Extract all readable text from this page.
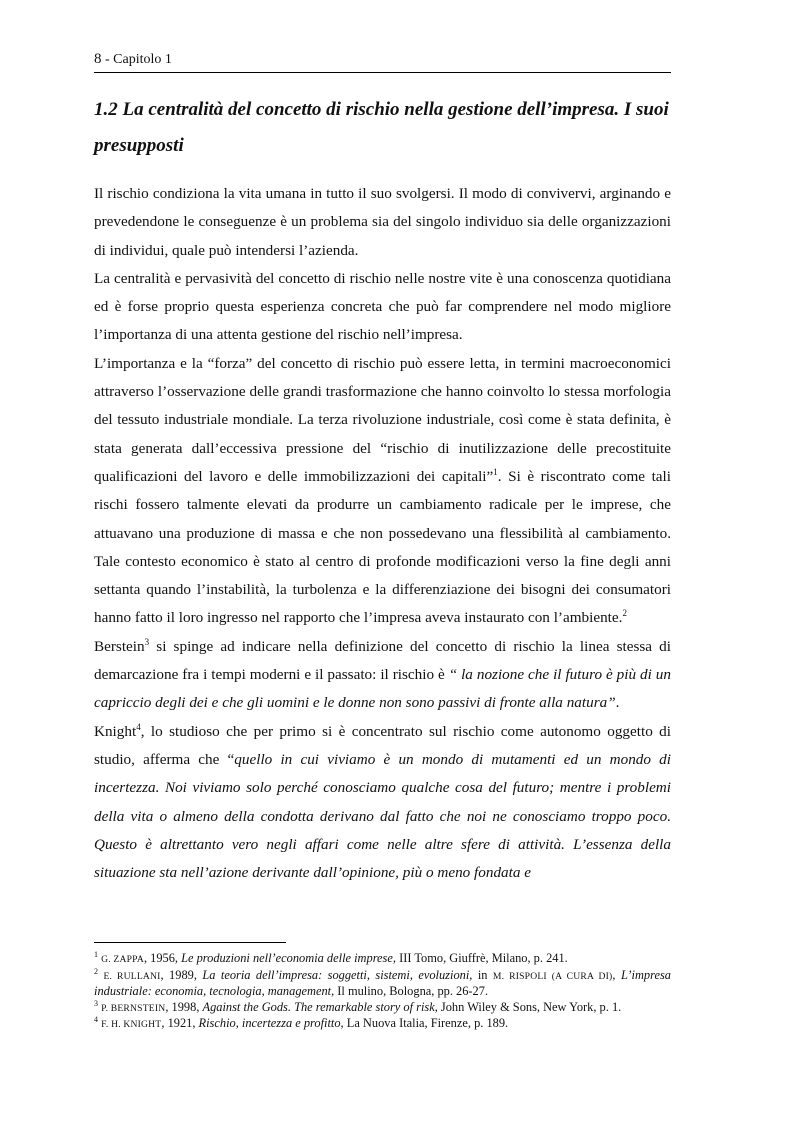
8 - Capitolo 1
1.2 La centralità del concetto di rischio nella gestione dell’impresa. I suoi presupposti

Il rischio condiziona la vita umana in tutto il suo svolgersi. Il modo di convivervi, arginando e prevedendone le conseguenze è un problema sia del singolo individuo sia delle organizzazioni di individui, quale può intendersi l’azienda.

La centralità e pervasività del concetto di rischio nelle nostre vite è una conoscenza quotidiana ed è forse proprio questa esperienza concreta che può far comprendere nel modo migliore l’importanza di una attenta gestione del rischio nell’impresa.

L’importanza e la “forza” del concetto di rischio può essere letta, in termini macroeconomici attraverso l’osservazione delle grandi trasformazione che hanno coinvolto lo stessa morfologia del tessuto industriale mondiale. La terza rivoluzione industriale, così come è stata definita, è stata generata dall’eccessiva pressione del “rischio di inutilizzazione delle precostituite qualificazioni del lavoro e delle immobilizzazioni dei capitali”$^1$. Si è riscontrato come tali rischi fossero talmente elevati da produrre un cambiamento radicale per le imprese, che attuavano una produzione di massa e che non possedevano una flessibilità al cambiamento. Tale contesto economico è stato al centro di profonde modificazioni verso la fine degli anni settanta quando l’instabilità, la turbolenza e la differenziazione dei bisogni dei consumatori hanno fatto il loro ingresso nel rapporto che l’impresa aveva instaurato con l’ambiente.$^2$

Berstein$^3$ si spinge ad indicare nella definizione del concetto di rischio la linea stessa di demarcazione fra i tempi moderni e il passato: il rischio è “ la nozione che il futuro è più di un capriccio degli dei e che gli uomini e le donne non sono passivi di fronte alla natura”.

Knight$^4$, lo studioso che per primo si è concentrato sul rischio come autonomo oggetto di studio, afferma che “quello in cui viviamo è un mondo di mutamenti ed un mondo di incertezza. Noi viviamo solo perché conosciamo qualche cosa del futuro; mentre i problemi della vita o almeno della condotta derivano dal fatto che noi ne conosciamo troppo poco. Questo è altrettanto vero negli affari come nelle altre sfere di attività. L’essenza della situazione sta nell’azione derivante dall’opinione, più o meno fondata e

$^1$ G. ZAPPA, 1956, Le produzioni nell’economia delle imprese, III Tomo, Giuffrè, Milano, p. 241.

$^2$ E. RULLANI, 1989, La teoria dell’impresa: soggetti, sistemi, evoluzioni, in M. RISPOLI (A CURA DI), L’impresa industriale: economia, tecnologia, management, Il mulino, Bologna, pp. 26-27.

$^3$ P. BERNSTEIN, 1998, Against the Gods. The remarkable story of risk, John Wiley & Sons, New York, p. 1.

$^4$ F. H. KNIGHT, 1921, Rischio, incertezza e profitto, La Nuova Italia, Firenze, p. 189.
